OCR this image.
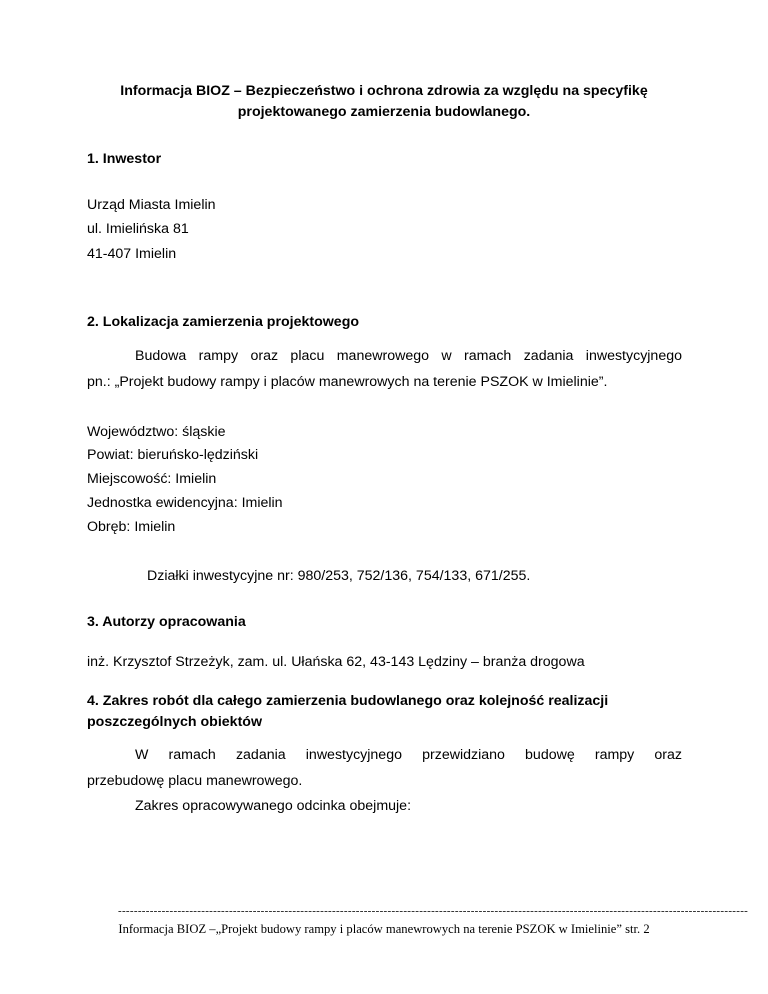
Informacja BIOZ – Bezpieczeństwo i ochrona zdrowia za względu na specyfikę
projektowanego zamierzenia budowlanego.
1. Inwestor
Urząd Miasta Imielin
ul. Imielińska 81
41-407 Imielin
2. Lokalizacja zamierzenia projektowego
Budowa rampy oraz placu manewrowego w ramach zadania inwestycyjnego
pn.: „Projekt budowy rampy i placów manewrowych na terenie PSZOK w Imielinie”.
Województwo: śląskie
Powiat: bieruńsko-lędziński
Miejscowość: Imielin
Jednostka ewidencyjna: Imielin
Obręb: Imielin
Działki inwestycyjne nr: 980/253, 752/136, 754/133, 671/255.
3. Autorzy opracowania
inż. Krzysztof Strzeżyk, zam. ul. Ułańska 62, 43-143 Lędziny – branża drogowa
4. Zakres robót dla całego zamierzenia budowlanego oraz kolejność realizacji
poszczególnych obiektów
W ramach zadania inwestycyjnego przewidziano budowę rampy oraz
przebudowę placu manewrowego.
Zakres opracowywanego odcinka obejmuje:
---------------------------------------------------------------------------------------------------------------------------------------------------------------
Informacja BIOZ –„Projekt budowy rampy i placów manewrowych na terenie PSZOK w Imielinie” str. 2
